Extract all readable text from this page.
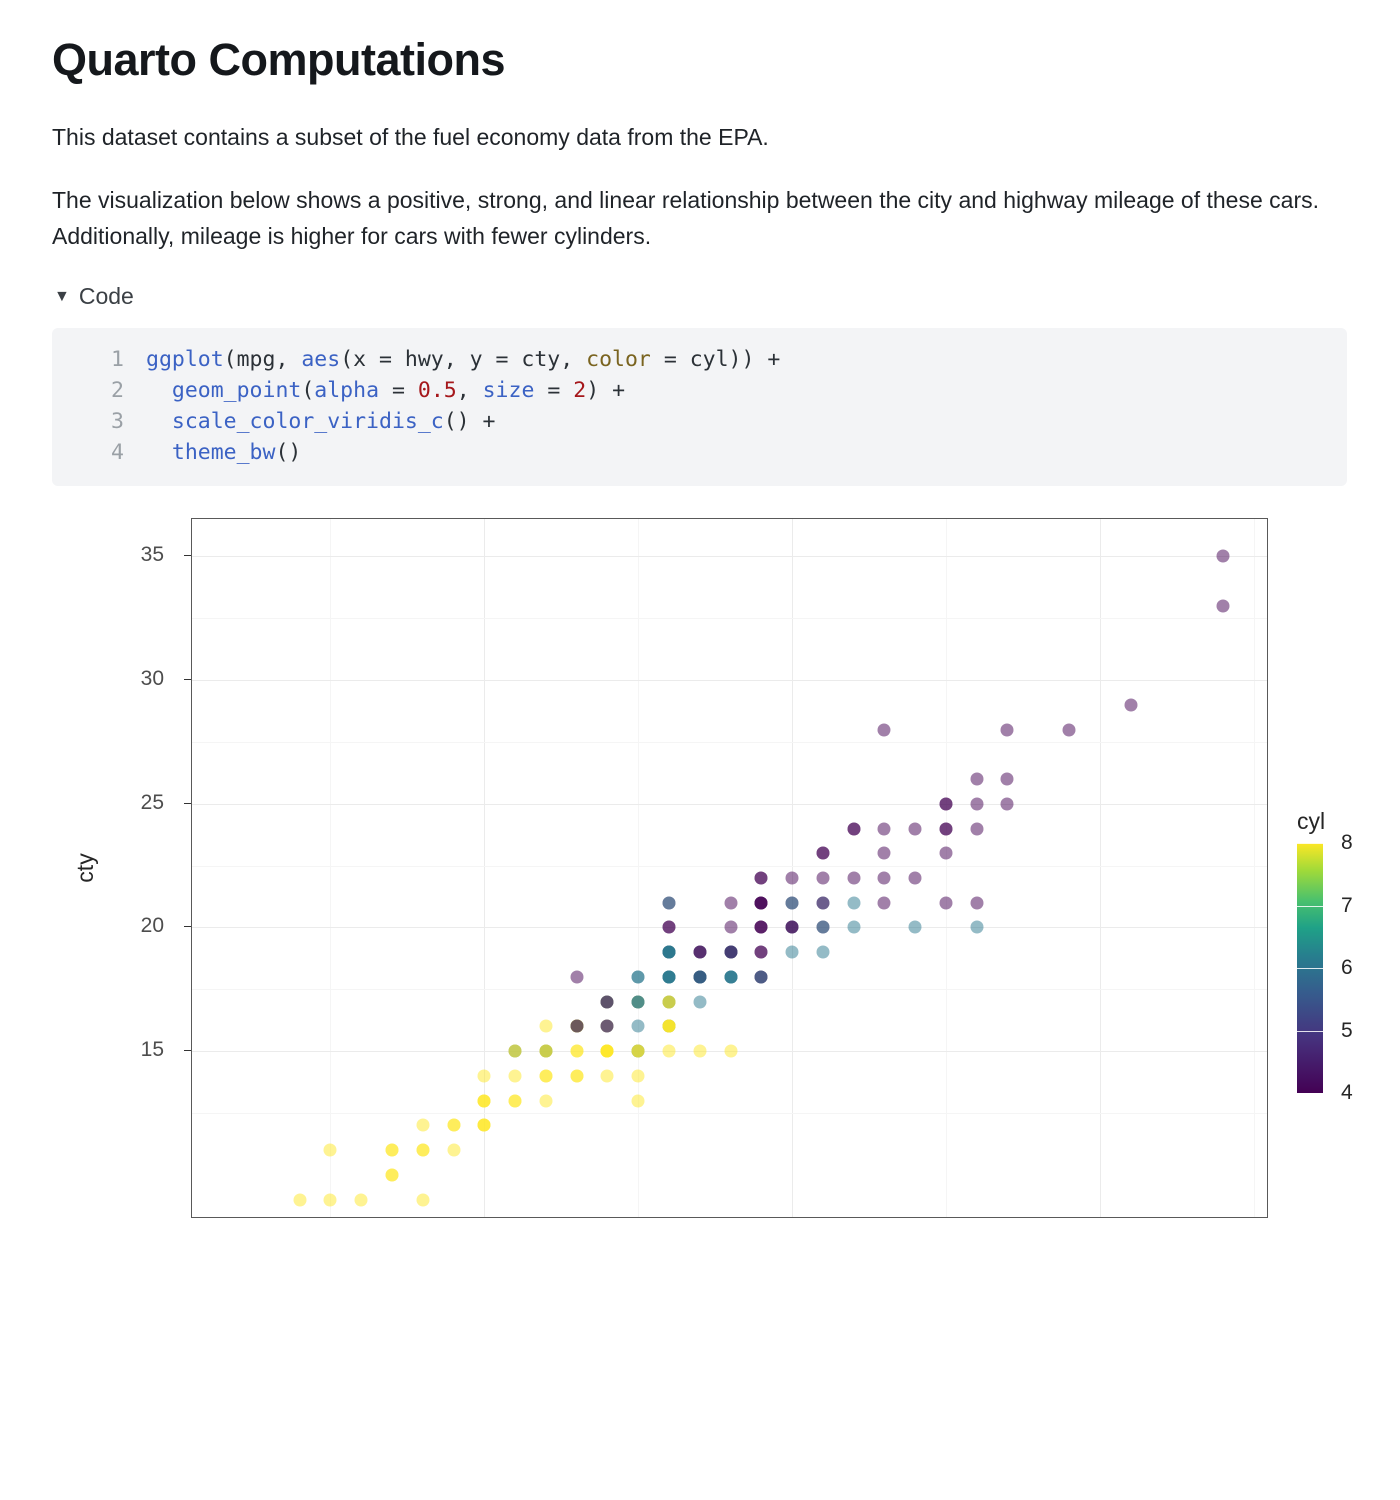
Quarto Computations

This dataset contains a subset of the fuel economy data from the EPA.

The visualization below shows a positive, strong, and linear relationship between the city and highway mileage of these cars. Additionally, mileage is higher for cars with fewer cylinders.

▼ Code
1 ggplot(mpg, aes(x = hwy, y = cty, color = cyl)) +
2	geom_point(alpha = 0.5, size = 2) +
3	scale_color_viridis_c() +
4	theme_bw()
cty
cyl
4
5
6
7
8
15
20
25
30
35
